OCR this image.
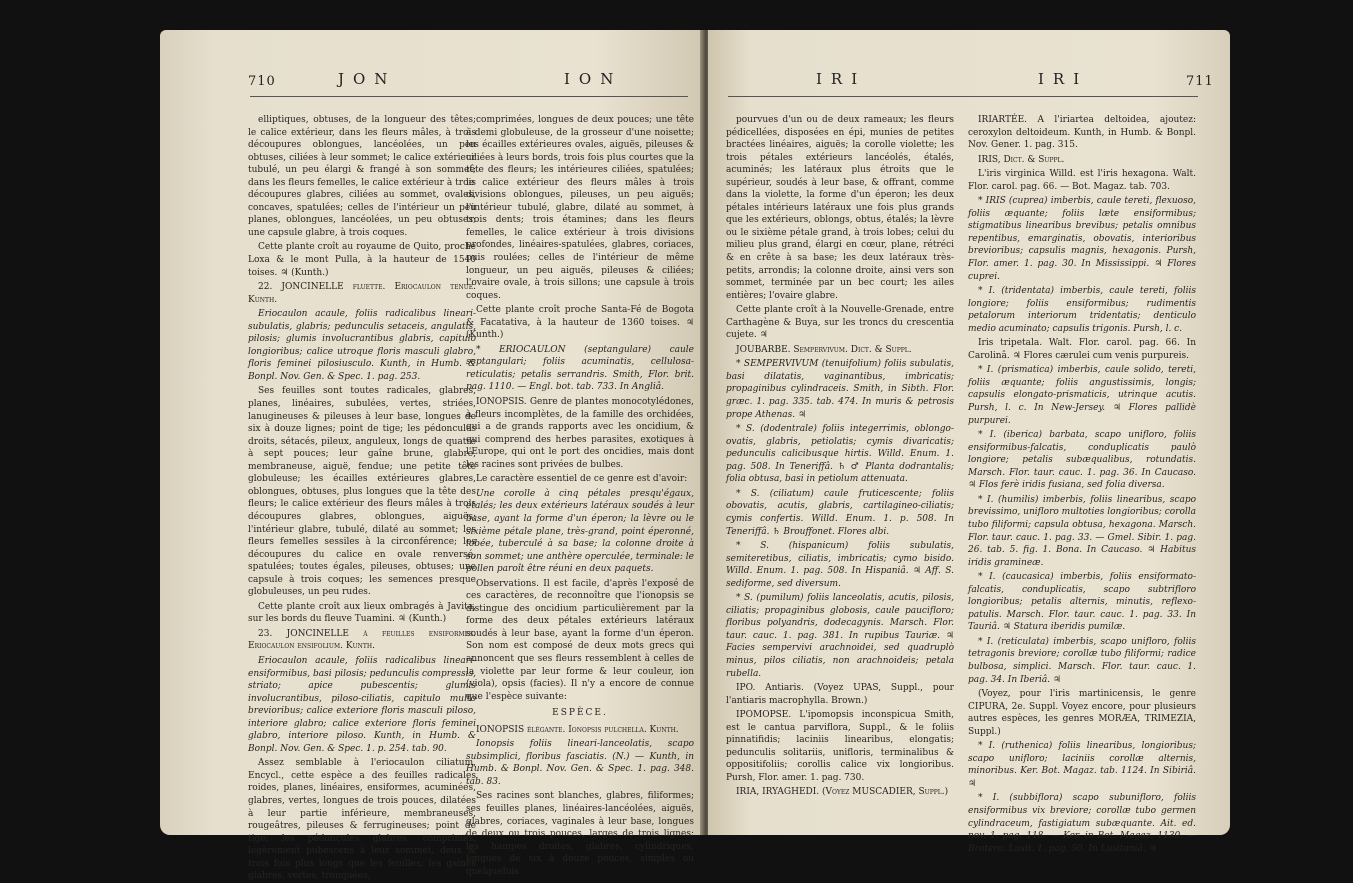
710	JON	ION

elliptiques, obtuses, de la longueur des têtes; le calice extérieur, dans les fleurs mâles, à trois découpures oblongues, lancéolées, un peu obtuses, ciliées à leur sommet; le calice extérieur tubulé, un peu élargi & frangé à son sommet; dans les fleurs femelles, le calice extérieur à trois découpures glabres, ciliées au sommet, ovales, concaves, spatulées; celles de l'intérieur un peu planes, oblongues, lancéolées, un peu obtuses; une capsule glabre, à trois coques.

Cette plante croît au royaume de Quito, proche Loxa & le mont Pulla, à la hauteur de 1540 toises. ♃ (Kunth.)

22. JONCINELLE fluette. Eriocaulon tenue. Kunth.

Eriocaulon acaule, foliis radicalibus lineari-subulatis, glabris; pedunculis setaceis, angulatis, pilosis; glumis involucrantibus glabris, capitulo longioribus; calice utroque floris masculi glabro, floris feminei pilosiusculo. Kunth, in Humb. & Bonpl. Nov. Gen. & Spec. 1. pag. 253.

Ses feuilles sont toutes radicales, glabres, planes, linéaires, subulées, vertes, striées, lanugineuses & pileuses à leur base, longues de six à douze lignes; point de tige; les pédoncules droits, sétacés, pileux, anguleux, longs de quatre à sept pouces; leur gaîne brune, glabre, membraneuse, aiguë, fendue; une petite tête globuleuse; les écailles extérieures glabres, oblongues, obtuses, plus longues que la tête des fleurs; le calice extérieur des fleurs mâles à trois découpures glabres, oblongues, aiguës; l'intérieur glabre, tubulé, dilaté au sommet; les fleurs femelles sessiles à la circonférence; les découpures du calice en ovale renversé, spatulées; toutes égales, pileuses, obtuses; une capsule à trois coques; les semences presque globuleuses, un peu rudes.

Cette plante croît aux lieux ombragés à Javita, sur les bords du fleuve Tuamini. ♃ (Kunth.)

23. JONCINELLE à feuilles ensiformes. Eriocaulon ensifolium. Kunth.

Eriocaulon acaule, foliis radicalibus lineari-ensiformibus, basi pilosis; pedunculis compressis, striato; apice pubescentis; glumis involucrantibus, piloso-ciliatis, capitulo multo brevioribus; calice exteriore floris masculi piloso, interiore glabro; calice exteriore floris feminei glabro, interiore piloso. Kunth, in Humb. & Bonpl. Nov. Gen. & Spec. 1. p. 254. tab. 90.

Assez semblable à l'eriocaulon ciliatum, Encycl., cette espèce a des feuilles radicales roides, planes, linéaires, ensiformes, acuminées, glabres, vertes, longues de trois pouces, dilatées à leur partie inférieure, membraneuses, rougeâtres, pileuses & ferrugineuses; point de tige; les pédoncules glabres, comprimés, légèrement pubescens à leur sommet, deux & trois fois plus longs que les feuilles; les gaînes glabres, vertes, tronquées,

comprimées, longues de deux pouces; une tête à demi globuleuse, de la grosseur d'une noisette; les écailles extérieures ovales, aiguës, pileuses & ciliées à leurs bords, trois fois plus courtes que la tête des fleurs; les intérieures ciliées, spatulées; le calice extérieur des fleurs mâles à trois divisions oblongues, pileuses, un peu aiguës; l'intérieur tubulé, glabre, dilaté au sommet, à trois dents; trois étamines; dans les fleurs femelles, le calice extérieur à trois divisions profondes, linéaires-spatulées, glabres, coriaces, puis roulées; celles de l'intérieur de même longueur, un peu aiguës, pileuses & ciliées; l'ovaire ovale, à trois sillons; une capsule à trois coques.

Cette plante croît proche Santa-Fé de Bogota & Facatativa, à la hauteur de 1360 toises. ♃ (Kunth.)

* ERIOCAULON (septangulare) caule septangulari; foliis acuminatis, cellulosa-reticulatis; petalis serrandris. Smith, Flor. brit. pag. 1110. — Engl. bot. tab. 733. In Angliâ.

IONOPSIS. Genre de plantes monocotylédones, à fleurs incomplètes, de la famille des orchidées, qui a de grands rapports avec les oncidium, & qui comprend des herbes parasites, exotiques à l'Europe, qui ont le port des oncidies, mais dont les racines sont privées de bulbes.

Le caractère essentiel de ce genre est d'avoir:

Une corolle à cinq pétales presqu'égaux, étalés; les deux extérieurs latéraux soudés à leur base, ayant la forme d'un éperon; la lèvre ou le sixième pétale plane, très-grand, point éperonné, lobée, tuberculé à sa base; la colonne droite à son sommet; une anthère operculée, terminale: le pollen paroît être réuni en deux paquets.

Observations. Il est facile, d'après l'exposé de ces caractères, de reconnoître que l'ionopsis se distingue des oncidium particulièrement par la forme des deux pétales extérieurs latéraux soudés à leur base, ayant la forme d'un éperon. Son nom est composé de deux mots grecs qui annoncent que ses fleurs ressemblent à celles de la violette par leur forme & leur couleur, ion (viola), opsis (facies). Il n'y a encore de connue que l'espèce suivante:

ESPÈCE.

IONOPSIS élégante. Ionopsis pulchella. Kunth.

Ionopsis foliis lineari-lanceolatis, scapo subsimplici, floribus fasciatis. (N.) — Kunth, in Humb. & Bonpl. Nov. Gen. & Spec. 1. pag. 348. tab. 83.

Ses racines sont blanches, glabres, filiformes; ses feuilles planes, linéaires-lancéolées, aiguës, glabres, coriaces, vaginales à leur base, longues de deux ou trois pouces, larges de trois lignes; les hampes droites, glabres, cylindriques, longues de six à douze pouces, simples ou quelquefois

IRI	IRI	711

pourvues d'un ou de deux rameaux; les fleurs pédicellées, disposées en épi, munies de petites bractées linéaires, aiguës; la corolle violette; les trois pétales extérieurs lancéolés, étalés, acuminés; les latéraux plus étroits que le supérieur, soudés à leur base, & offrant, comme dans la violette, la forme d'un éperon; les deux pétales intérieurs latéraux une fois plus grands que les extérieurs, oblongs, obtus, étalés; la lèvre ou le sixième pétale grand, à trois lobes; celui du milieu plus grand, élargi en cœur, plane, rétréci & en crête à sa base; les deux latéraux très-petits, arrondis; la colonne droite, ainsi vers son sommet, terminée par un bec court; les ailes entières; l'ovaire glabre.

Cette plante croît à la Nouvelle-Grenade, entre Carthagène & Buya, sur les troncs du crescentia cujete. ♃

JOUBARBE. Sempervivum. Dict. & Suppl.

* SEMPERVIVUM (tenuifolium) foliis subulatis, basi dilatatis, vaginantibus, imbricatis; propaginibus cylindraceis. Smith, in Sibth. Flor. græc. 1. pag. 335. tab. 474. In muris & petrosis prope Athenas. ♃

* S. (dodentrale) foliis integerrimis, oblongo-ovatis, glabris, petiolatis; cymis divaricatis; pedunculis calicibusque hirtis. Willd. Enum. 1. pag. 508. In Teneriffâ. ♄ ♂ Planta dodrantalis; folia obtusa, basi in petiolum attenuata.

* S. (ciliatum) caule fruticescente; foliis obovatis, acutis, glabris, cartilagineo-ciliatis; cymis confertis. Willd. Enum. 1. p. 508. In Teneriffâ. ♄ Brouffonet. Flores albi.

* S. (hispanicum) foliis subulatis, semiteretibus, ciliatis, imbricatis; cymo bisido. Willd. Enum. 1. pag. 508. In Hispaniâ. ♃ Aff. S. sediforme, sed diversum.

* S. (pumilum) foliis lanceolatis, acutis, pilosis, ciliatis; propaginibus globosis, caule paucifloro; floribus polyandris, dodecagynis. Marsch. Flor. taur. cauc. 1. pag. 381. In rupibus Tauriæ. ♃ Facies sempervivi arachnoidei, sed quadruplò minus, pilos ciliatis, non arachnoideis; petala rubella.

IPO. Antiaris. (Voyez UPAS, Suppl., pour l'antiaris macrophylla. Brown.)

IPOMOPSE. L'ipomopsis inconspicua Smith, est le cantua parviflora, Suppl., & le foliis pinnatifidis; laciniis linearibus, elongatis; pedunculis solitariis, unifloris, terminalibus & oppositifoliis; corollis calice vix longioribus. Pursh, Flor. amer. 1. pag. 730.

IRIA, IRYAGHEDI. (Voyez MUSCADIER, Suppl.)

IRIARTÉE. A l'iriartea deltoidea, ajoutez: ceroxylon deltoideum. Kunth, in Humb. & Bonpl. Nov. Gener. 1. pag. 315.

IRIS, Dict. & Suppl.

L'iris virginica Willd. est l'iris hexagona. Walt. Flor. carol. pag. 66. — Bot. Magaz. tab. 703.

* IRIS (cuprea) imberbis, caule tereti, flexuoso, foliis æquante; foliis læte ensiformibus; stigmatibus linearibus brevibus; petalis omnibus repentibus, emarginatis, obovatis, interioribus brevioribus; capsulis magnis, hexagonis. Pursh, Flor. amer. 1. pag. 30. In Mississippi. ♃ Flores cuprei.

* I. (tridentata) imberbis, caule tereti, foliis longiore; foliis ensiformibus; rudimentis petalorum interiorum tridentatis; denticulo medio acuminato; capsulis trigonis. Pursh, l. c.

Iris tripetala. Walt. Flor. carol. pag. 66. In Carolinâ. ♃ Flores cærulei cum venis purpureis.

* I. (prismatica) imberbis, caule solido, tereti, foliis æquante; foliis angustissimis, longis; capsulis elongato-prismaticis, utrinque acutis. Pursh, l. c. In New-Jersey. ♃ Flores pallidè purpurei.

* I. (iberica) barbata, scapo unifloro, foliis ensiformibus-falcatis, conduplicatis paulò longiore; petalis subæqualibus, rotundatis. Marsch. Flor. taur. cauc. 1. pag. 36. In Caucaso. ♃ Flos ferè iridis fusiana, sed folia diversa.

* I. (humilis) imberbis, foliis linearibus, scapo brevissimo, unifloro multoties longioribus; corolla tubo filiformi; capsula obtusa, hexagona. Marsch. Flor. taur. cauc. 1. pag. 33. — Gmel. Sibir. 1. pag. 26. tab. 5. fig. 1. Bona. In Caucaso. ♃ Habitus iridis gramineæ.

* I. (caucasica) imberbis, foliis ensiformato-falcatis, conduplicatis, scapo subtrifloro longioribus; petalis alternis, minutis, reflexo-patulis. Marsch. Flor. taur. cauc. 1. pag. 33. In Tauriâ. ♃ Statura iberidis pumilæ.

* I. (reticulata) imberbis, scapo unifloro, foliis tetragonis breviore; corollæ tubo filiformi; radice bulbosa, simplici. Marsch. Flor. taur. cauc. 1. pag. 34. In Iberiâ. ♃

(Voyez, pour l'iris martinicensis, le genre CIPURA, 2e. Suppl. Voyez encore, pour plusieurs autres espèces, les genres MORÆA, TRIMEZIA, Suppl.)

* I. (ruthenica) foliis linearibus, longioribus; scapo unifloro; laciniis corollæ alternis, minoribus. Ker. Bot. Magaz. tab. 1124. In Sibiriâ. ♃

* I. (subbiflora) scapo subunifloro, foliis ensiformibus vix breviore; corollæ tubo germen cylindraceum, fastigiatum subæquante. Ait. ed. nov. 1. pag. 118. — Ker. in Bot. Magaz. 1130. — Brotero. Lusit. 1. pag. 50. In Lusitaniâ. ♃
